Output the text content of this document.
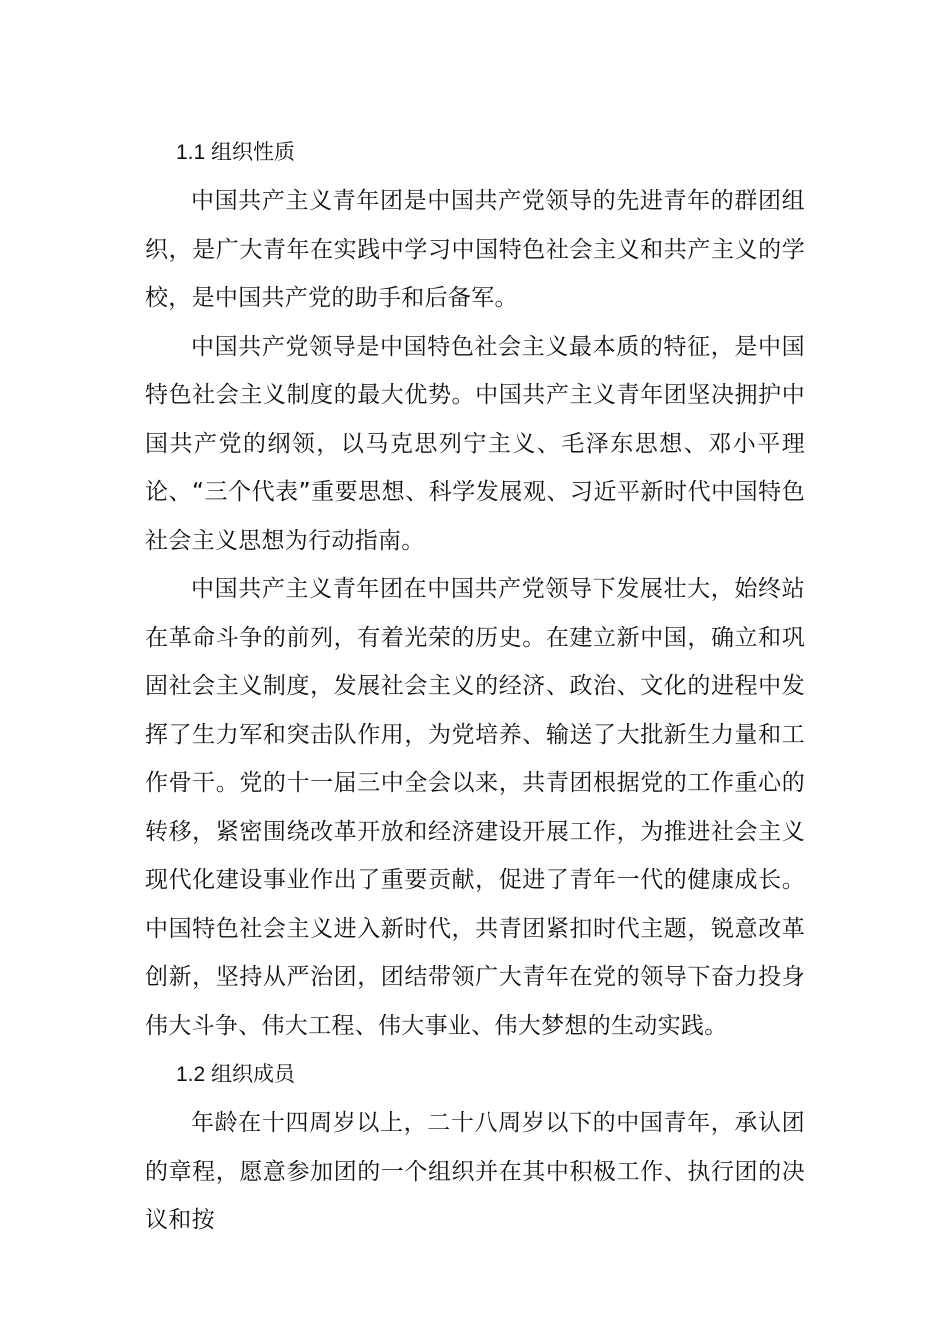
1.1 组织性质

中国共产主义青年团是中国共产党领导的先进青年的群团组织，是广大青年在实践中学习中国特色社会主义和共产主义的学校，是中国共产党的助手和后备军。

中国共产党领导是中国特色社会主义最本质的特征，是中国特色社会主义制度的最大优势。中国共产主义青年团坚决拥护中国共产党的纲领，以马克思列宁主义、毛泽东思想、邓小平理论、“三个代表”重要思想、科学发展观、习近平新时代中国特色社会主义思想为行动指南。

中国共产主义青年团在中国共产党领导下发展壮大，始终站在革命斗争的前列，有着光荣的历史。在建立新中国，确立和巩固社会主义制度，发展社会主义的经济、政治、文化的进程中发挥了生力军和突击队作用，为党培养、输送了大批新生力量和工作骨干。党的十一届三中全会以来，共青团根据党的工作重心的转移，紧密围绕改革开放和经济建设开展工作，为推进社会主义现代化建设事业作出了重要贡献，促进了青年一代的健康成长。中国特色社会主义进入新时代，共青团紧扣时代主题，锐意改革创新，坚持从严治团，团结带领广大青年在党的领导下奋力投身伟大斗争、伟大工程、伟大事业、伟大梦想的生动实践。

1.2 组织成员

年龄在十四周岁以上，二十八周岁以下的中国青年，承认团的章程，愿意参加团的一个组织并在其中积极工作、执行团的决议和按
